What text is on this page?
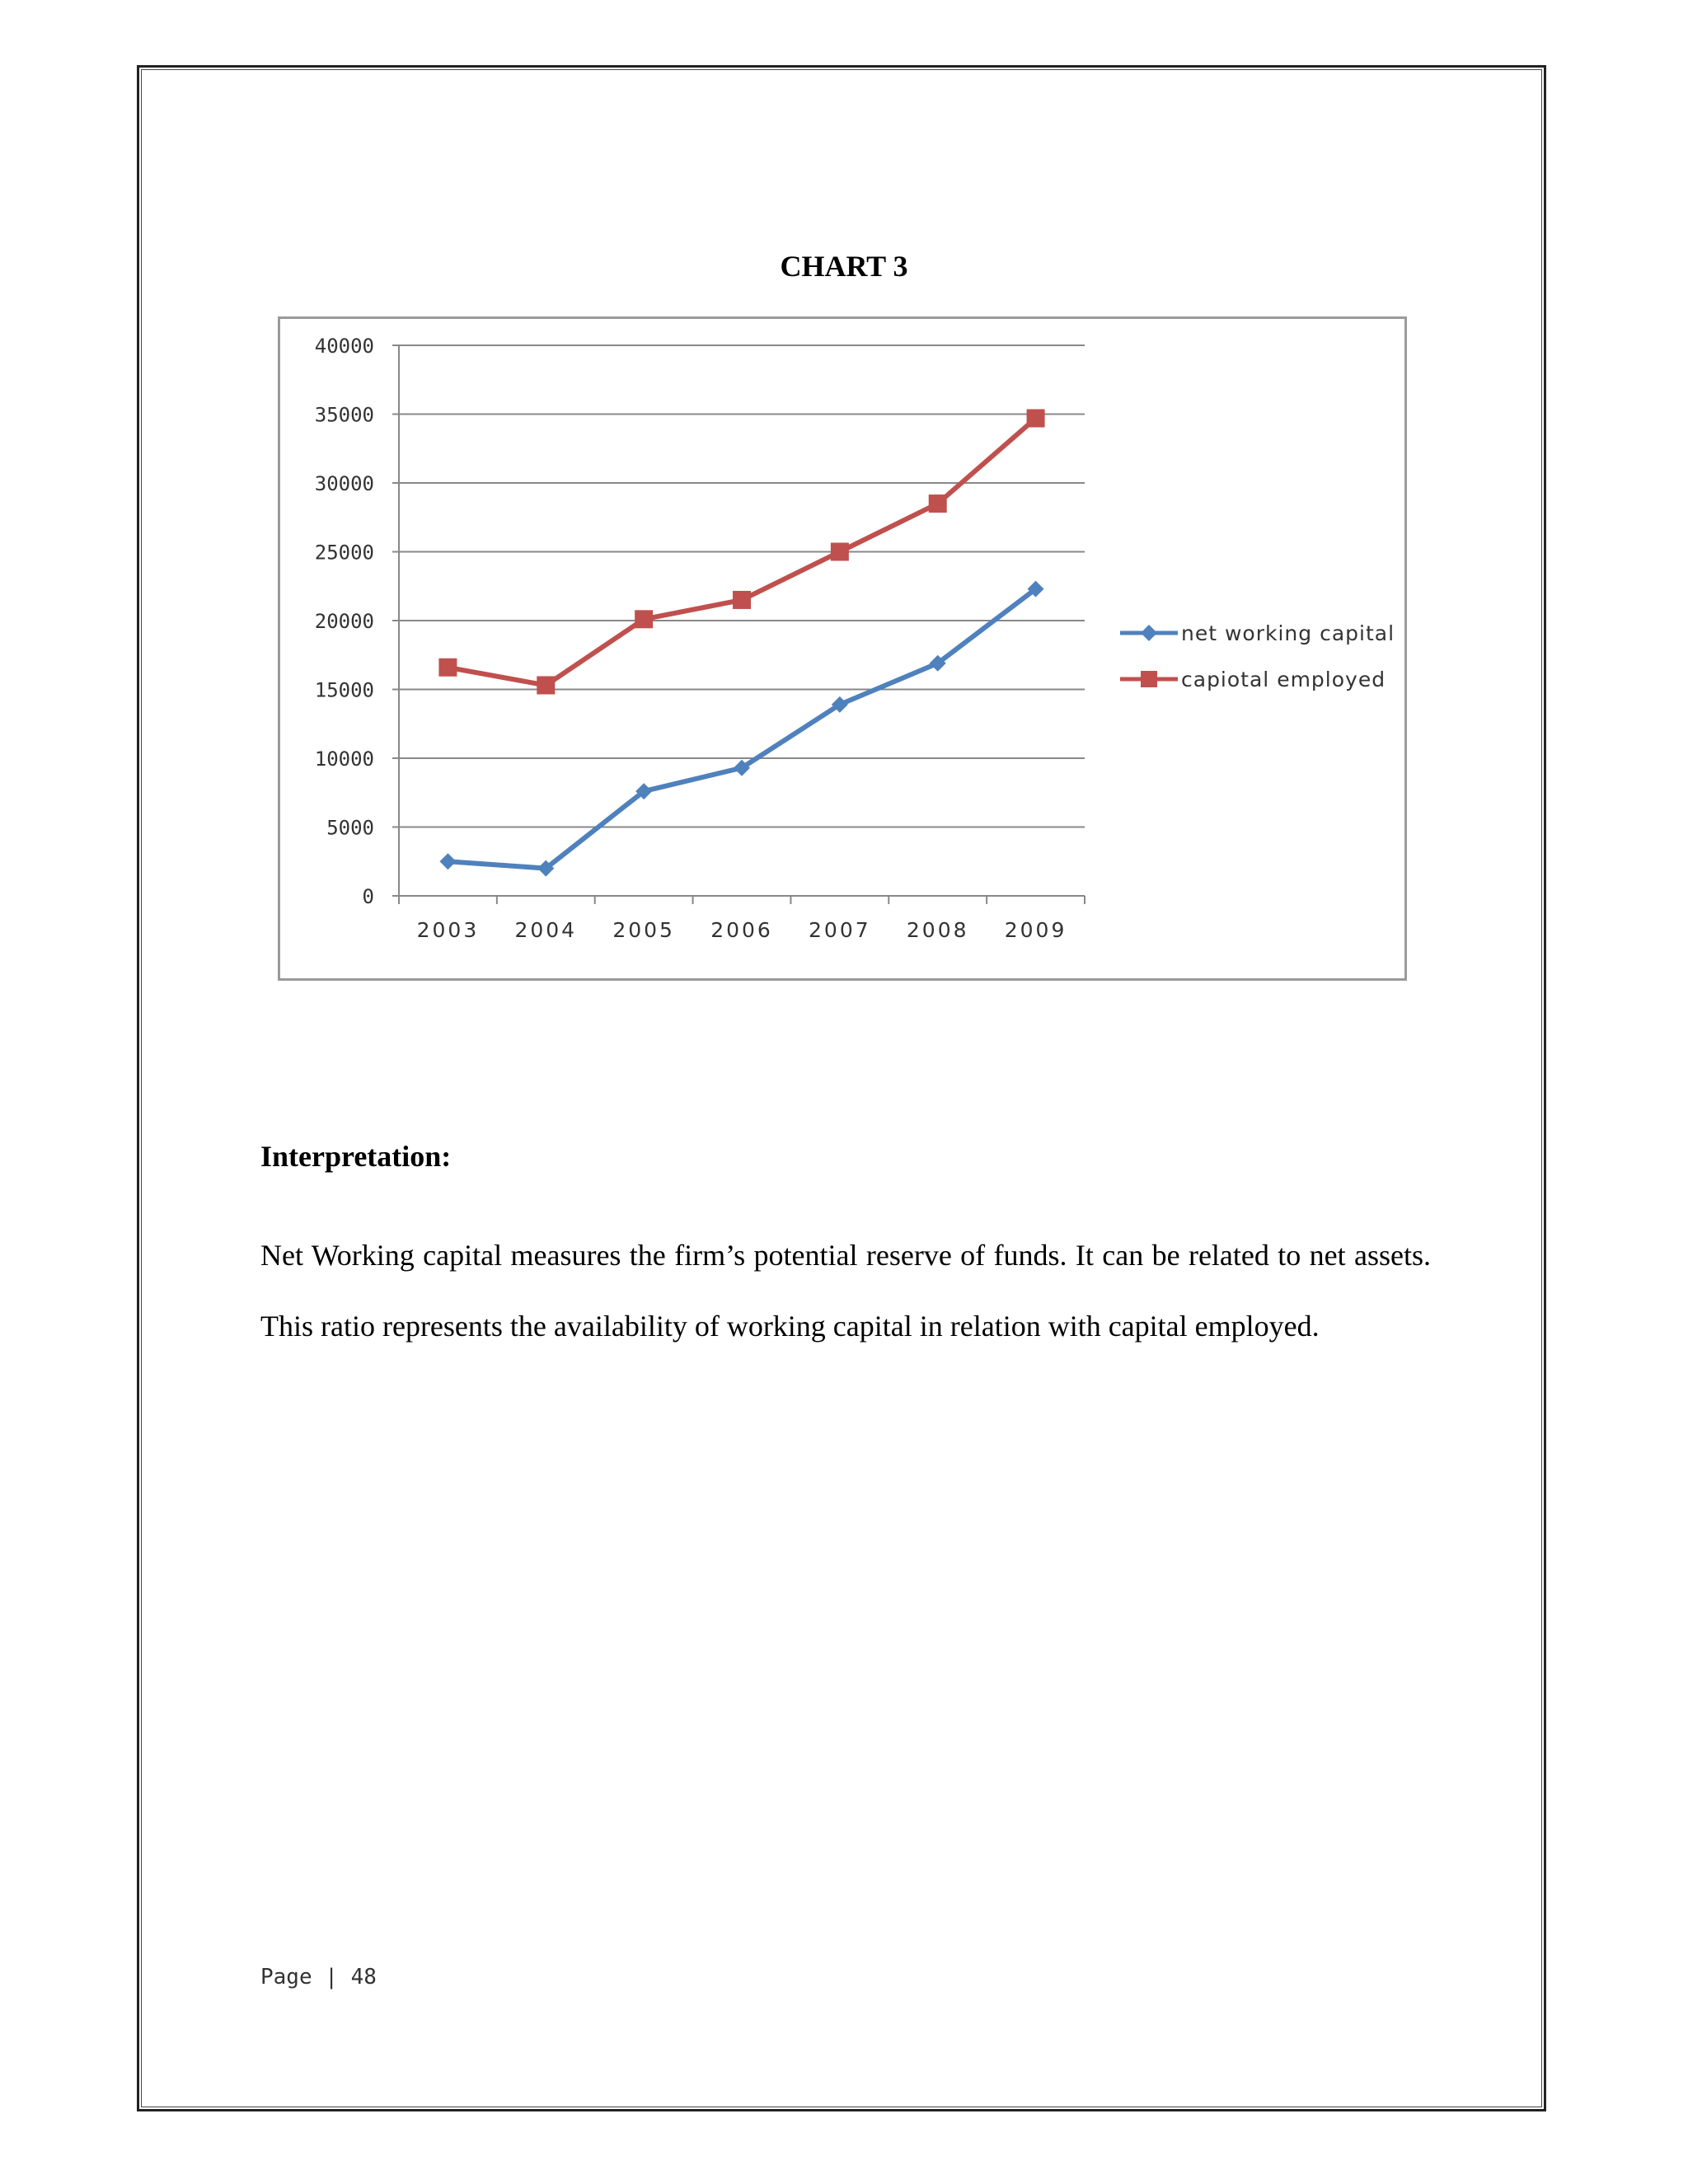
CHART 3
0
5000
10000
15000
20000
25000
30000
35000
40000
2003 2004 2005 2006 2007 2008 2009
net working capital
capiotal employed
Interpretation:
Net Working capital measures the firm’s potential reserve of funds. It can be related to net assets. This ratio represents the availability of working capital in relation with capital employed.
Page | 48
